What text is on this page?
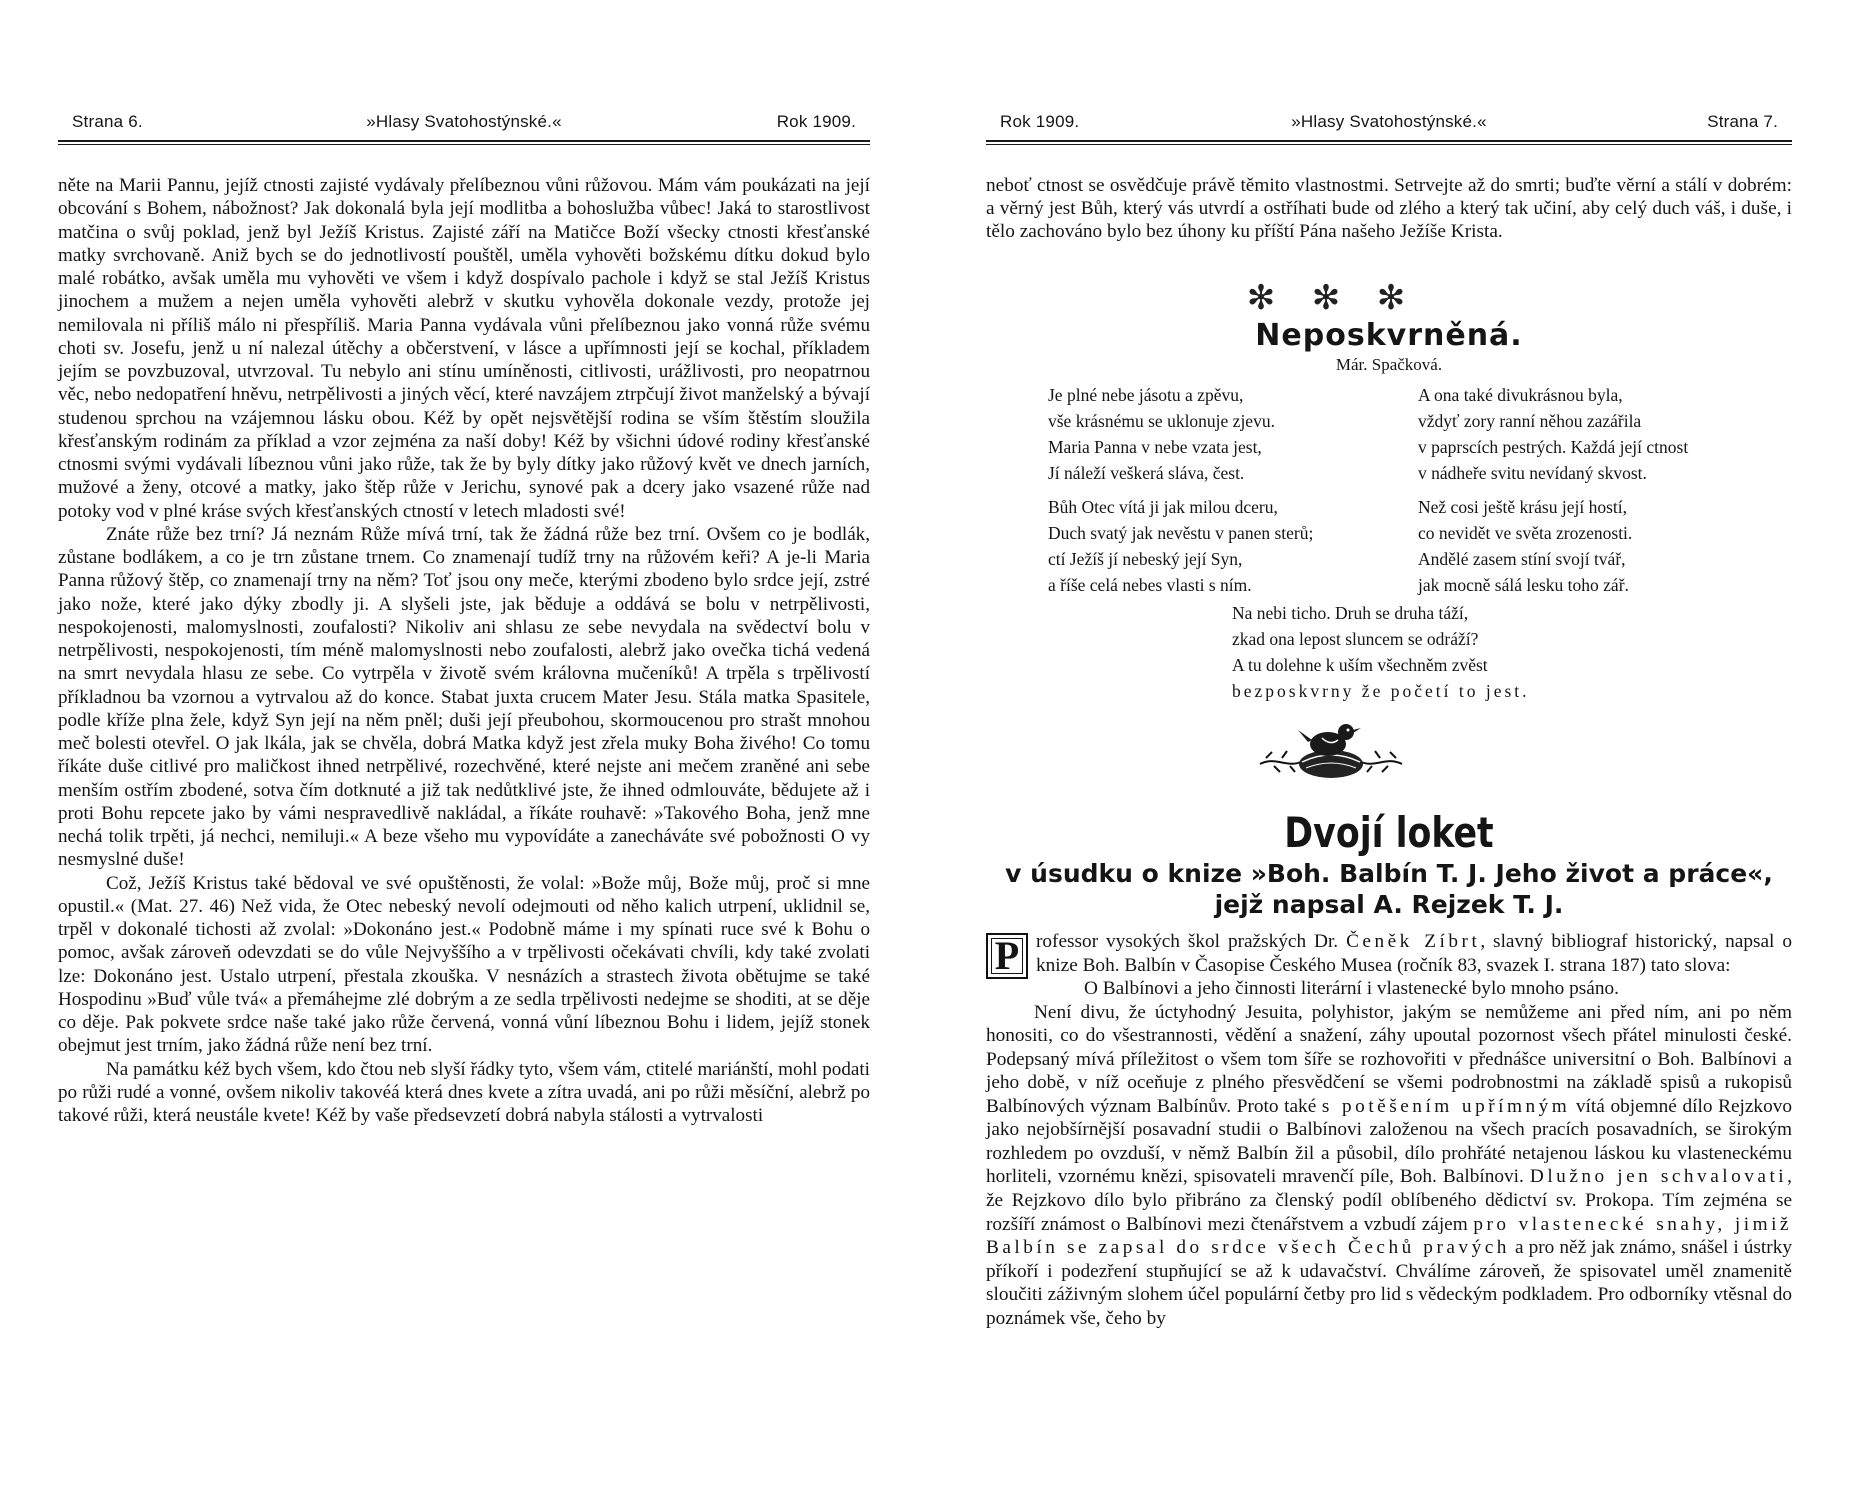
Strana 6.	»Hlasy Svatohostýnské.«	Rok 1909.

něte na Marii Pannu, jejíž ctnosti zajisté vydávaly přelíbeznou vůni růžovou. Mám vám poukázati na její obcování s Bohem, nábožnost? Jak dokonalá byla její modlitba a bohoslužba vůbec! Jaká to starostlivost matčina o svůj poklad, jenž byl Ježíš Kristus. Zajisté září na Matičce Boží všecky ctnosti křesťanské matky svrchovaně. Aniž bych se do jednotlivostí pouštěl, uměla vyhověti božskému dítku dokud bylo malé robátko, avšak uměla mu vyhověti ve všem i když dospívalo pachole i když se stal Ježíš Kristus jinochem a mužem a nejen uměla vyhověti alebrž v skutku vyhověla dokonale vezdy, protože jej nemilovala ni příliš málo ni přespříliš. Maria Panna vydávala vůni přelíbeznou jako vonná růže svému choti sv. Josefu, jenž u ní nalezal útěchy a občerstvení, v lásce a upřímnosti její se kochal, příkladem jejím se povzbuzoval, utvrzoval. Tu nebylo ani stínu umíněnosti, citlivosti, urážlivosti, pro neopatrnou věc, nebo nedopatření hněvu, netrpělivosti a jiných věcí, které navzájem ztrpčují život manželský a bývají studenou sprchou na vzájemnou lásku obou. Kéž by opět nejsvětější rodina se vším štěstím sloužila křesťanským rodinám za příklad a vzor zejména za naší doby! Kéž by všichni údové rodiny křesťanské ctnosmi svými vydávali líbeznou vůni jako růže, tak že by byly dítky jako růžový květ ve dnech jarních, mužové a ženy, otcové a matky, jako štěp růže v Jerichu, synové pak a dcery jako vsazené růže nad potoky vod v plné kráse svých křesťanských ctností v letech mladosti své!

Znáte růže bez trní? Já neznám Růže mívá trní, tak že žádná růže bez trní. Ovšem co je bodlák, zůstane bodlákem, a co je trn zůstane trnem. Co znamenají tudíž trny na růžovém keři? A je-li Maria Panna růžový štěp, co znamenají trny na něm? Toť jsou ony meče, kterými zbodeno bylo srdce její, zstré jako nože, které jako dýky zbodly ji. A slyšeli jste, jak běduje a oddává se bolu v netrpělivosti, nespokojenosti, malomyslnosti, zoufalosti? Nikoliv ani shlasu ze sebe nevydala na svědectví bolu v netrpělivosti, nespokojenosti, tím méně malomyslnosti nebo zoufalosti, alebrž jako ovečka tichá vedená na smrt nevydala hlasu ze sebe. Co vytrpěla v životě svém královna mučeníků! A trpěla s trpělivostí příkladnou ba vzornou a vytrvalou až do konce. Stabat juxta crucem Mater Jesu. Stála matka Spasitele, podle kříže plna žele, když Syn její na něm pněl; duši její přeubohou, skormoucenou pro strašt mnohou meč bolesti otevřel. O jak lkála, jak se chvěla, dobrá Matka když jest zřela muky Boha živého! Co tomu říkáte duše citlivé pro maličkost ihned netrpělivé, rozechvěné, které nejste ani mečem zraněné ani sebe menším ostřím zbodené, sotva čím dotknuté a již tak nedůtklivé jste, že ihned odmlouváte, bědujete až i proti Bohu repcete jako by vámi nespravedlivě nakládal, a říkáte rouhavě: »Takového Boha, jenž mne nechá tolik trpěti, já nechci, nemiluji.« A beze všeho mu vypovídáte a zanecháváte své pobožnosti O vy nesmyslné duše!

Což, Ježíš Kristus také bědoval ve své opuštěnosti, že volal: »Bože můj, Bože můj, proč si mne opustil.« (Mat. 27. 46) Než vida, že Otec nebeský nevolí odejmouti od něho kalich utrpení, uklidnil se, trpěl v dokonalé tichosti až zvolal: »Dokonáno jest.« Podobně máme i my spínati ruce své k Bohu o pomoc, avšak zároveň odevzdati se do vůle Nejvyššího a v trpělivosti očekávati chvíli, kdy také zvolati lze: Dokonáno jest. Ustalo utrpení, přestala zkouška. V nesnázích a strastech života obětujme se také Hospodinu »Buď vůle tvá« a přemáhejme zlé dobrým a ze sedla trpělivosti nedejme se shoditi, at se děje co děje. Pak pokvete srdce naše také jako růže červená, vonná vůní líbeznou Bohu i lidem, jejíž stonek obejmut jest trním, jako žádná růže není bez trní.

Na památku kéž bych všem, kdo čtou neb slyší řádky tyto, všem vám, ctitelé mariánští, mohl podati po růži rudé a vonné, ovšem nikoliv takovéá která dnes kvete a zítra uvadá, ani po růži měsíční, alebrž po takové růži, která neustále kvete! Kéž by vaše předsevzetí dobrá nabyla stálosti a vytrvalosti

Rok 1909.	»Hlasy Svatohostýnské.«	Strana 7.

neboť ctnost se osvědčuje právě těmito vlastnostmi. Setrvejte až do smrti; buďte věrní a stálí v dobrém: a věrný jest Bůh, který vás utvrdí a ostříhati bude od zlého a který tak učiní, aby celý duch váš, i duše, i tělo zachováno bylo bez úhony ku příští Pána našeho Ježíše Krista.

✻ ✻ ✻
Neposkvrněná.
Már. Spačková.
Je plné nebe jásotu a zpěvu,
vše krásnému se uklonuje zjevu.
Maria Panna v nebe vzata jest,
Jí náleží veškerá sláva, čest.
A ona také divukrásnou byla,
vždyť zory ranní něhou zazářila
v paprscích pestrých. Každá její ctnost
v nádheře svitu nevídaný skvost.
Bůh Otec vítá ji jak milou dceru,
Duch svatý jak nevěstu v panen sterů;
ctí Ježíš jí nebeský její Syn,
a říše celá nebes vlasti s ním.
Než cosi ještě krásu její hostí,
co nevidět ve světa zrozenosti.
Andělé zasem stíní svojí tvář,
jak mocně sálá lesku toho zář.
Na nebi ticho. Druh se druha táží,
zkad ona lepost sluncem se odráží?
A tu dolehne k uším všechněm zvěst
bezposkvrny že početí to jest.
Dvojí loket
v úsudku o knize »Boh. Balbín T. J. Jeho život a práce«,
jejž napsal A. Rejzek T. J.

P rofessor vysokých škol pražských Dr. Čeněk Zíbrt, slavný bibliograf historický, napsal o knize Boh. Balbín v Časopise Českého Musea (ročník 83, svazek I. strana 187) tato slova:

O Balbínovi a jeho činnosti literární i vlastenecké bylo mnoho psáno.

Není divu, že úctyhodný Jesuita, polyhistor, jakým se nemůžeme ani před ním, ani po něm honositi, co do všestrannosti, vědění a snažení, záhy upoutal pozornost všech přátel minulosti české. Podepsaný mívá příležitost o všem tom šíře se rozhovořiti v přednášce universitní o Boh. Balbínovi a jeho době, v níž oceňuje z plného přesvědčení se všemi podrobnostmi na základě spisů a rukopisů Balbínových význam Balbínův. Proto také s potěšením upřímným vítá objemné dílo Rejzkovo jako nejobšírnější posavadní studii o Balbínovi založenou na všech pracích posavadních, se širokým rozhledem po ovzduší, v němž Balbín žil a působil, dílo prohřáté netajenou láskou ku vlasteneckému horliteli, vzornému knězi, spisovateli mravenčí píle, Boh. Balbínovi. Dlužno jen schvalovati, že Rejzkovo dílo bylo přibráno za členský podíl oblíbeného dědictví sv. Prokopa. Tím zejména se rozšíří známost o Balbínovi mezi čtenářstvem a vzbudí zájem pro vlastenecké snahy, jimiž Balbín se zapsal do srdce všech Čechů pravých a pro něž jak známo, snášel i ústrky příkoří i podezření stupňující se až k udavačství. Chválíme zároveň, že spisovatel uměl znamenitě sloučiti záživným slohem účel populární četby pro lid s vědeckým podkladem. Pro odborníky vtěsnal do poznámek vše, čeho by
